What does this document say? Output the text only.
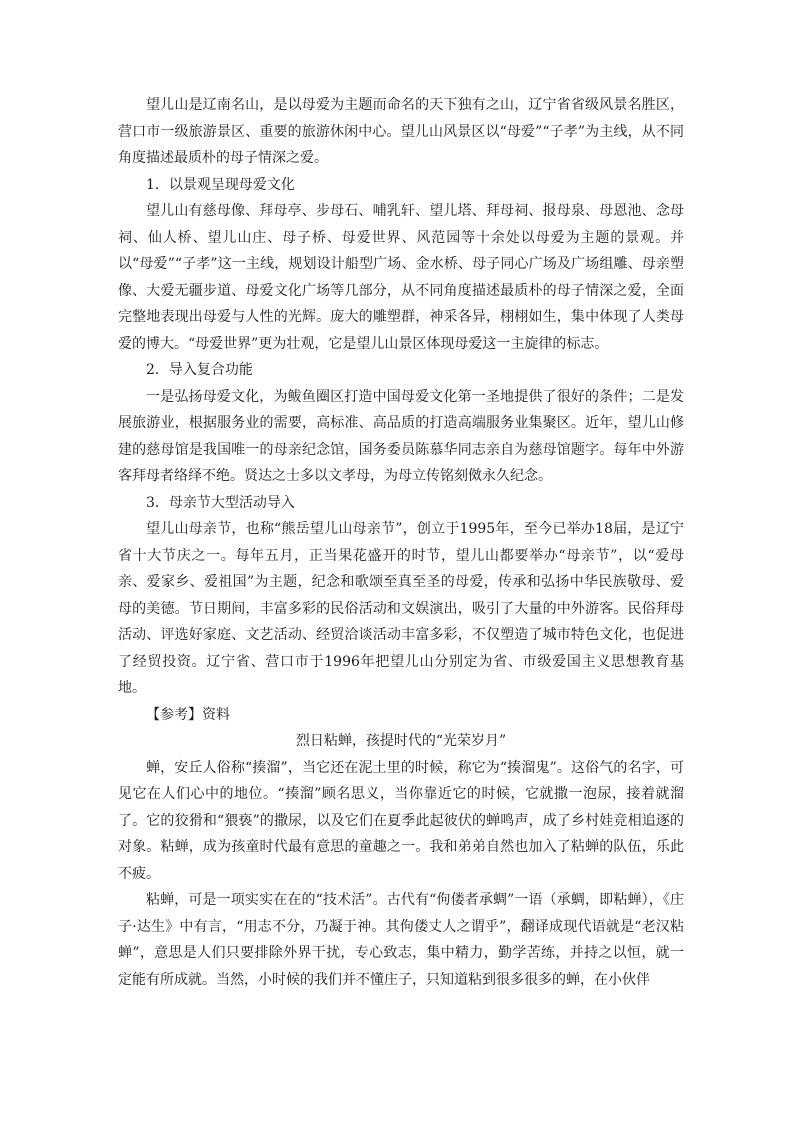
望儿山是辽南名山，是以母爱为主题而命名的天下独有之山，辽宁省省级风景名胜区，营口市一级旅游景区、重要的旅游休闲中心。望儿山风景区以“母爱”“子孝”为主线，从不同角度描述最质朴的母子情深之爱。

1．以景观呈现母爱文化

望儿山有慈母像、拜母亭、步母石、哺乳轩、望儿塔、拜母祠、报母泉、母恩池、念母祠、仙人桥、望儿山庄、母子桥、母爱世界、风范园等十余处以母爱为主题的景观。并以“母爱”“子孝”这一主线，规划设计船型广场、金水桥、母子同心广场及广场组雕、母亲塑像、大爱无疆步道、母爱文化广场等几部分，从不同角度描述最质朴的母子情深之爱，全面完整地表现出母爱与人性的光辉。庞大的雕塑群，神采各异，栩栩如生，集中体现了人类母爱的博大。“母爱世界”更为壮观，它是望儿山景区体现母爱这一主旋律的标志。

2．导入复合功能

一是弘扬母爱文化，为鲅鱼圈区打造中国母爱文化第一圣地提供了很好的条件；二是发展旅游业，根据服务业的需要，高标准、高品质的打造高端服务业集聚区。近年，望儿山修建的慈母馆是我国唯一的母亲纪念馆，国务委员陈慕华同志亲自为慈母馆题字。每年中外游客拜母者络绎不绝。贤达之士多以文孝母，为母立传铭刻傚永久纪念。

3．母亲节大型活动导入

望儿山母亲节，也称“熊岳望儿山母亲节”，创立于1995年，至今已举办18届，是辽宁省十大节庆之一。每年五月，正当果花盛开的时节，望儿山都要举办“母亲节”，以“爱母亲、爱家乡、爱祖国”为主题，纪念和歌颂至真至圣的母爱，传承和弘扬中华民族敬母、爱母的美德。节日期间，丰富多彩的民俗活动和文娱演出，吸引了大量的中外游客。民俗拜母活动、评选好家庭、文艺活动、经贸洽谈活动丰富多彩，不仅塑造了城市特色文化，也促进了经贸投资。辽宁省、营口市于1996年把望儿山分别定为省、市级爱国主义思想教育基地。

【参考】资料

烈日粘蝉，孩提时代的“光荣岁月”

蝉，安丘人俗称“揍溜”，当它还在泥土里的时候，称它为“揍溜鬼”。这俗气的名字，可见它在人们心中的地位。“揍溜”顾名思义，当你靠近它的时候，它就撒一泡尿，接着就溜了。它的狡猾和“猥亵”的撒尿，以及它们在夏季此起彼伏的蝉鸣声，成了乡村娃竞相追逐的对象。粘蝉，成为孩童时代最有意思的童趣之一。我和弟弟自然也加入了粘蝉的队伍，乐此不疲。

粘蝉，可是一项实实在在的“技术活”。古代有“佝偻者承蜩”一语（承蜩，即粘蝉），《庄子·达生》中有言，“用志不分，乃凝于神。其佝偻丈人之谓乎”，翻译成现代语就是“老汉粘蝉”，意思是人们只要排除外界干扰，专心致志，集中精力，勤学苦练，并持之以恒，就一定能有所成就。当然，小时候的我们并不懂庄子，只知道粘到很多很多的蝉，在小伙伴
